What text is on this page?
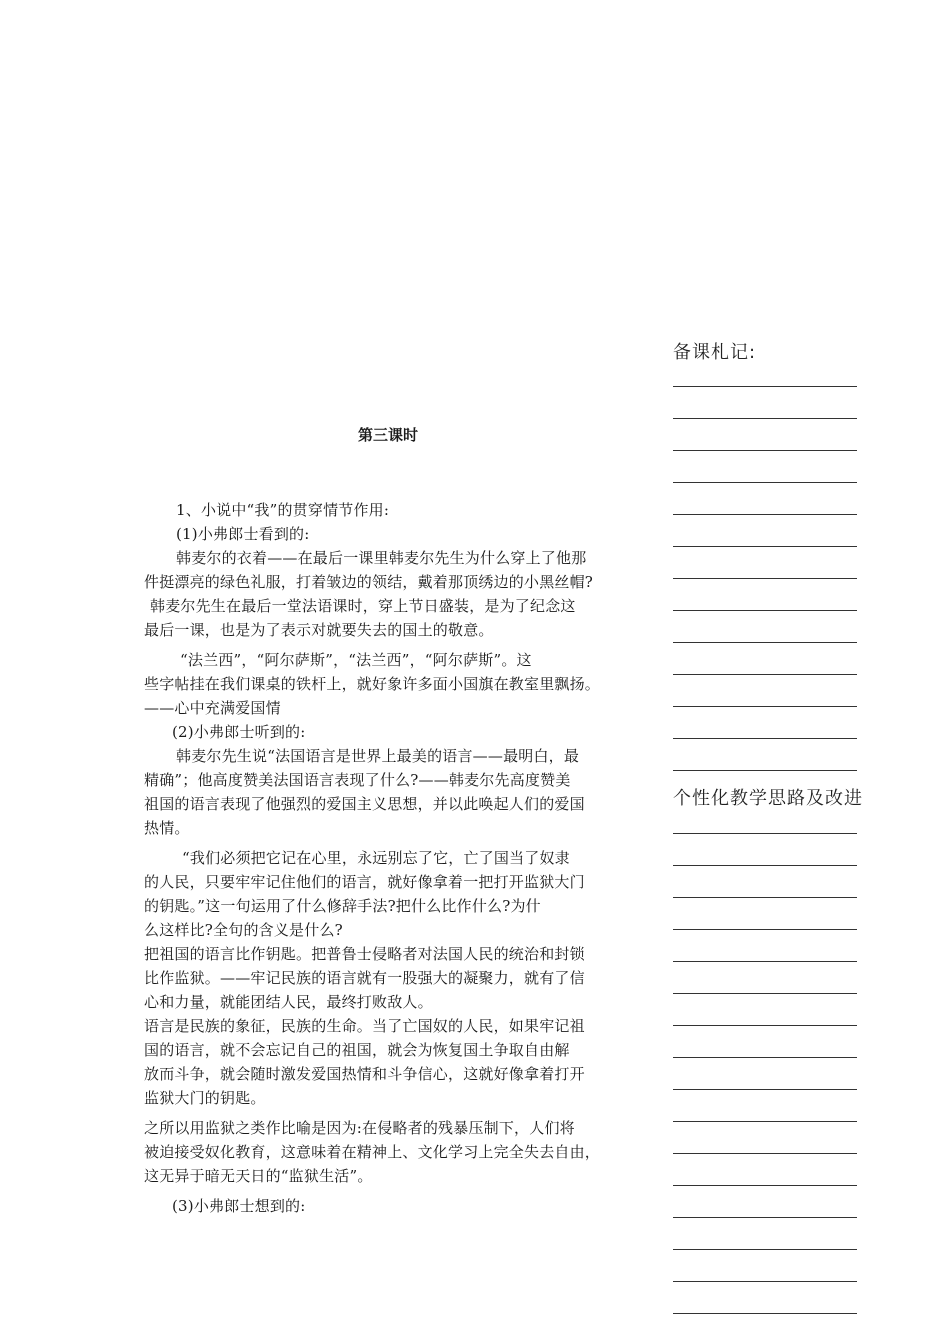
第三课时
1、小说中“我”的贯穿情节作用:
(1)小弗郎士看到的:
韩麦尔的衣着——在最后一课里韩麦尔先生为什么穿上了他那
件挺漂亮的绿色礼服，打着皱边的领结，戴着那顶绣边的小黑丝帽?
韩麦尔先生在最后一堂法语课时，穿上节日盛装，是为了纪念这
最后一课，也是为了表示对就要失去的国土的敬意。
“法兰西”，“阿尔萨斯”，“法兰西”，“阿尔萨斯”。这
些字帖挂在我们课桌的铁杆上，就好象许多面小国旗在教室里飘扬。
——心中充满爱国情
(2)小弗郎士听到的:
韩麦尔先生说“法国语言是世界上最美的语言——最明白，最
精确”；他高度赞美法国语言表现了什么?——韩麦尔先高度赞美
祖国的语言表现了他强烈的爱国主义思想，并以此唤起人们的爱国
热情。
“我们必须把它记在心里，永远别忘了它，亡了国当了奴隶
的人民，只要牢牢记住他们的语言，就好像拿着一把打开监狱大门
的钥匙。”这一句运用了什么修辞手法?把什么比作什么?为什
么这样比?全句的含义是什么?
把祖国的语言比作钥匙。把普鲁士侵略者对法国人民的统治和封锁
比作监狱。——牢记民族的语言就有一股强大的凝聚力，就有了信
心和力量，就能团结人民，最终打败敌人。
语言是民族的象征，民族的生命。当了亡国奴的人民，如果牢记祖
国的语言，就不会忘记自己的祖国，就会为恢复国土争取自由解
放而斗争，就会随时激发爱国热情和斗争信心，这就好像拿着打开
监狱大门的钥匙。
之所以用监狱之类作比喻是因为:在侵略者的残暴压制下，人们将
被迫接受奴化教育，这意味着在精神上、文化学习上完全失去自由，
这无异于暗无天日的“监狱生活”。
(3)小弗郎士想到的:
备课札记:
个性化教学思路及改进
